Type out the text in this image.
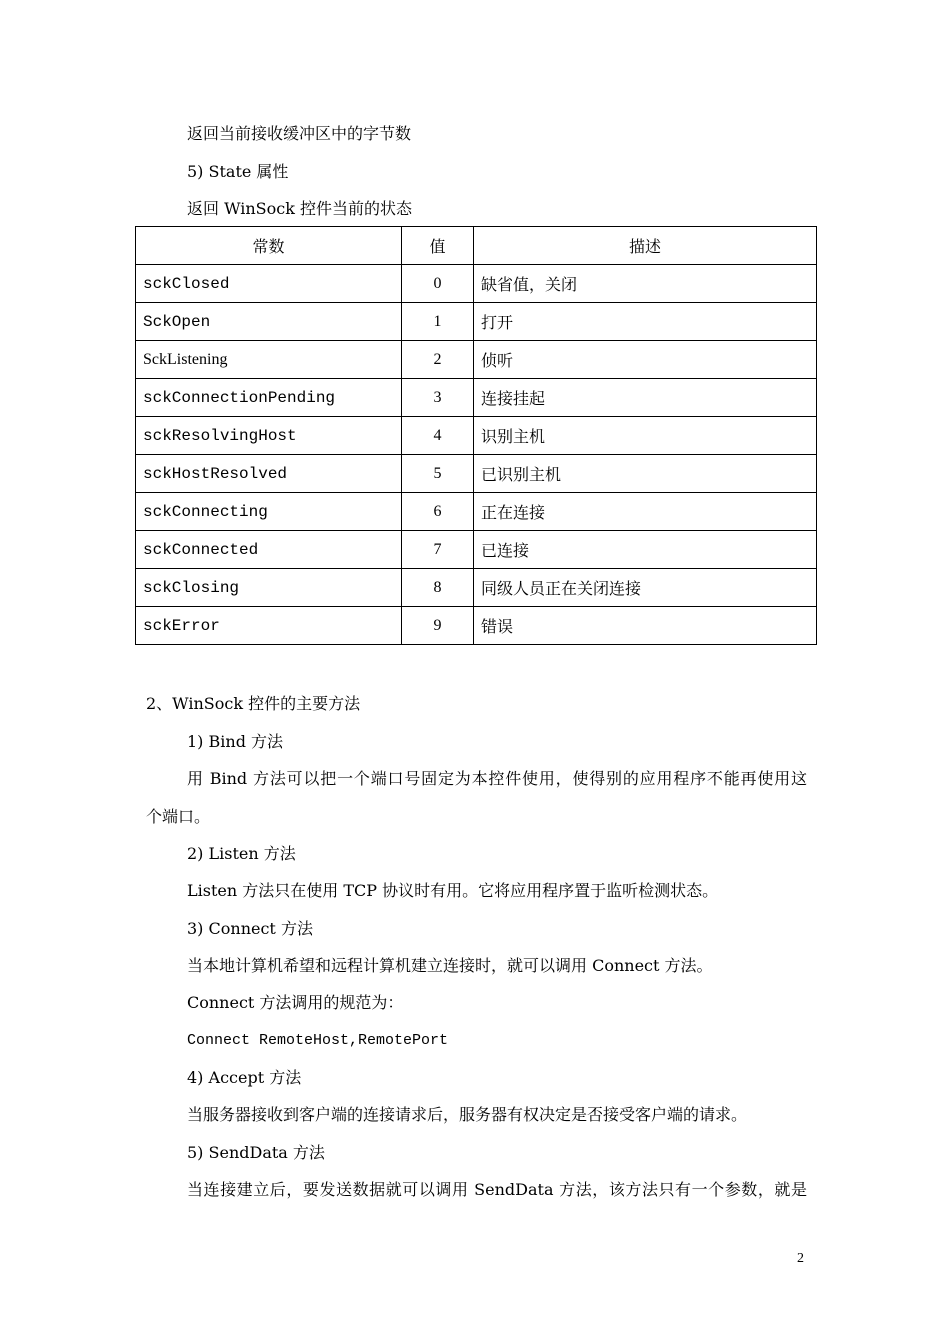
返回当前接收缓冲区中的字节数
5) State 属性
返回 WinSock 控件当前的状态
常数	值	描述
sckClosed	0	缺省值，关闭
SckOpen	1	打开
SckListening	2	侦听
sckConnectionPending	3	连接挂起
sckResolvingHost	4	识别主机
sckHostResolved	5	已识别主机
sckConnecting	6	正在连接
sckConnected	7	已连接
sckClosing	8	同级人员正在关闭连接
sckError	9	错误
2、WinSock 控件的主要方法
1) Bind 方法
用 Bind 方法可以把一个端口号固定为本控件使用，使得别的应用程序不能再使用这
个端口。
2) Listen 方法
Listen 方法只在使用 TCP 协议时有用。它将应用程序置于监听检测状态。
3) Connect 方法
当本地计算机希望和远程计算机建立连接时，就可以调用 Connect 方法。
Connect 方法调用的规范为：
Connect RemoteHost,RemotePort
4) Accept 方法
当服务器接收到客户端的连接请求后，服务器有权决定是否接受客户端的请求。
5) SendData 方法
当连接建立后，要发送数据就可以调用 SendData 方法，该方法只有一个参数，就是
2
